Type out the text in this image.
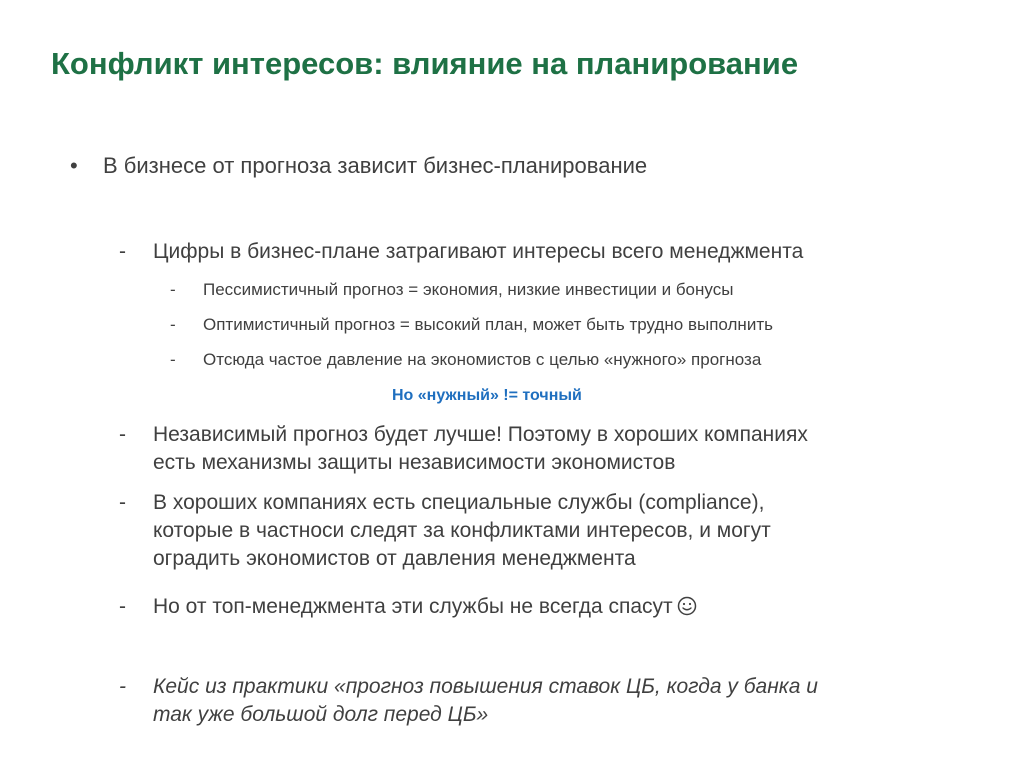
Конфликт интересов: влияние на планирование
• В бизнесе от прогноза зависит бизнес-планирование
- Цифры в бизнес-плане затрагивают интересы всего менеджмента
- Пессимистичный прогноз = экономия, низкие инвестиции и бонусы
- Оптимистичный прогноз = высокий план, может быть трудно выполнить
- Отсюда частое давление на экономистов с целью «нужного» прогноза
Но «нужный» != точный
- Независимый прогноз будет лучше! Поэтому в хороших компаниях
есть механизмы защиты независимости экономистов
- В хороших компаниях есть специальные службы (compliance),
которые в частноси следят за конфликтами интересов, и могут
оградить экономистов от давления менеджмента
- Но от топ-менеджмента эти службы не всегда спасут
- Кейс из практики «прогноз повышения ставок ЦБ, когда у банка и
так уже большой долг перед ЦБ»
